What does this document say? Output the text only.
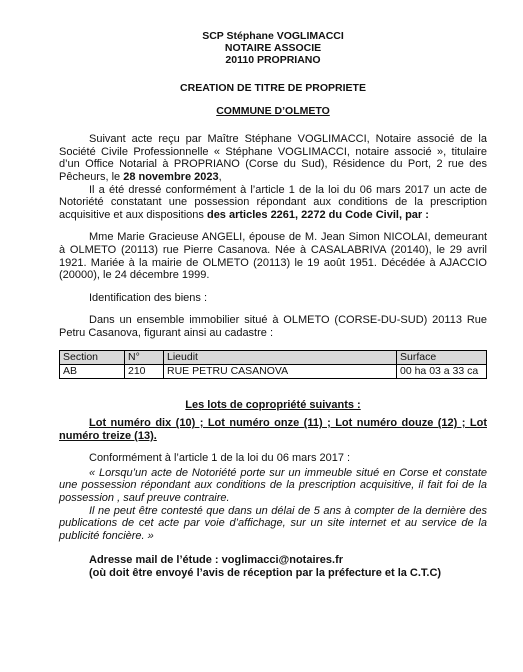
SCP Stéphane VOGLIMACCI
NOTAIRE ASSOCIE
20110 PROPRIANO
CREATION DE TITRE DE PROPRIETE
COMMUNE D’OLMETO

Suivant acte reçu par Maître Stéphane VOGLIMACCI, Notaire associé de la Société Civile Professionnelle « Stéphane VOGLIMACCI, notaire associé », titulaire d’un Office Notarial à PROPRIANO (Corse du Sud), Résidence du Port, 2 rue des Pêcheurs, le 28 novembre 2023,

Il a été dressé conformément à l’article 1 de la loi du 06 mars 2017 un acte de Notoriété constatant une possession répondant aux conditions de la prescription acquisitive et aux dispositions des articles 2261, 2272 du Code Civil, par :

Mme Marie Gracieuse ANGELI, épouse de M. Jean Simon NICOLAI, demeurant à OLMETO (20113) rue Pierre Casanova. Née à CASALABRIVA (20140), le 29 avril 1921. Mariée à la mairie de OLMETO (20113) le 19 août 1951. Décédée à AJACCIO (20000), le 24 décembre 1999.

Identification des biens :

Dans un ensemble immobilier situé à OLMETO (CORSE-DU-SUD) 20113 Rue Petru Casanova, figurant ainsi au cadastre :

Section	N°	Lieudit	Surface
AB	210	RUE PETRU CASANOVA	00 ha 03 a 33 ca
Les lots de copropriété suivants :

Lot numéro dix (10) ; Lot numéro onze (11) ; Lot numéro douze (12) ; Lot numéro treize (13).

Conformément à l’article 1 de la loi du 06 mars 2017 :

« Lorsqu’un acte de Notoriété porte sur un immeuble situé en Corse et constate une possession répondant aux conditions de la prescription acquisitive, il fait foi de la possession , sauf preuve contraire.

Il ne peut être contesté que dans un délai de 5 ans à compter de la dernière des publications de cet acte par voie d’affichage, sur un site internet et au service de la publicité foncière. »

Adresse mail de l’étude : voglimacci@notaires.fr
(où doit être envoyé l’avis de réception par la préfecture et la C.T.C)
